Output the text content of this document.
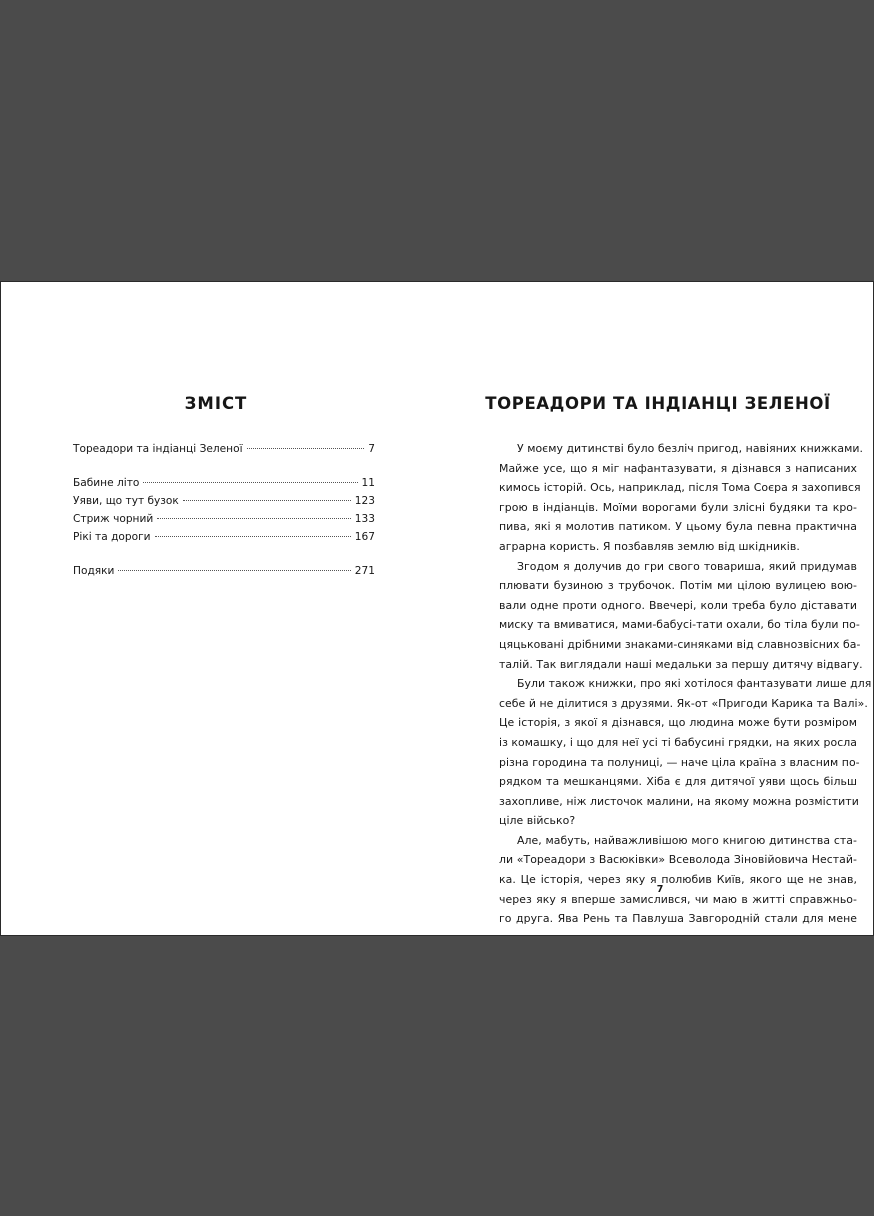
ЗМІСТ
Тореадори та індіанці Зеленої	7
Бабине літо	11
Уяви, що тут бузок	123
Стриж чорний	133
Рікі та дороги	167
Подяки	271
ТОРЕАДОРИ ТА ІНДІАНЦІ ЗЕЛЕНОЇ
У моєму дитинстві було безліч пригод, навіяних книжками.
Майже усе, що я міг нафантазувати, я дізнався з написаних
кимось історій. Ось, наприклад, після Тома Соєра я захопився
грою в індіанців. Моїми ворогами були злісні будяки та кро-
пива, які я молотив патиком. У цьому була певна практична
аграрна користь. Я позбавляв землю від шкідників.
Згодом я долучив до гри свого товариша, який придумав
плювати бузиною з трубочок. Потім ми цілою вулицею вою-
вали одне проти одного. Ввечері, коли треба було діставати
миску та вмиватися, мами-бабусі-тати охали, бо тіла були по-
цяцьковані дрібними знаками-синяками від славнозвісних ба-
талій. Так виглядали наші медальки за першу дитячу відвагу.
Були також книжки, про які хотілося фантазувати лише для
себе й не ділитися з друзями. Як-от «Пригоди Карика та Валі».
Це історія, з якої я дізнався, що людина може бути розміром
із комашку, і що для неї усі ті бабусині грядки, на яких росла
різна городина та полуниці, — наче ціла країна з власним по-
рядком та мешканцями. Хіба є для дитячої уяви щось більш
захопливе, ніж листочок малини, на якому можна розмістити
ціле військо?
Але, мабуть, найважливішою мого книгою дитинства ста-
ли «Тореадори з Васюківки» Всеволода Зіновійовича Нестай-
ка. Це історія, через яку я полюбив Київ, якого ще не знав,
через яку я вперше замислився, чи маю в житті справжньо-
го друга. Ява Рень та Павлуша Завгородній стали для мене
7
